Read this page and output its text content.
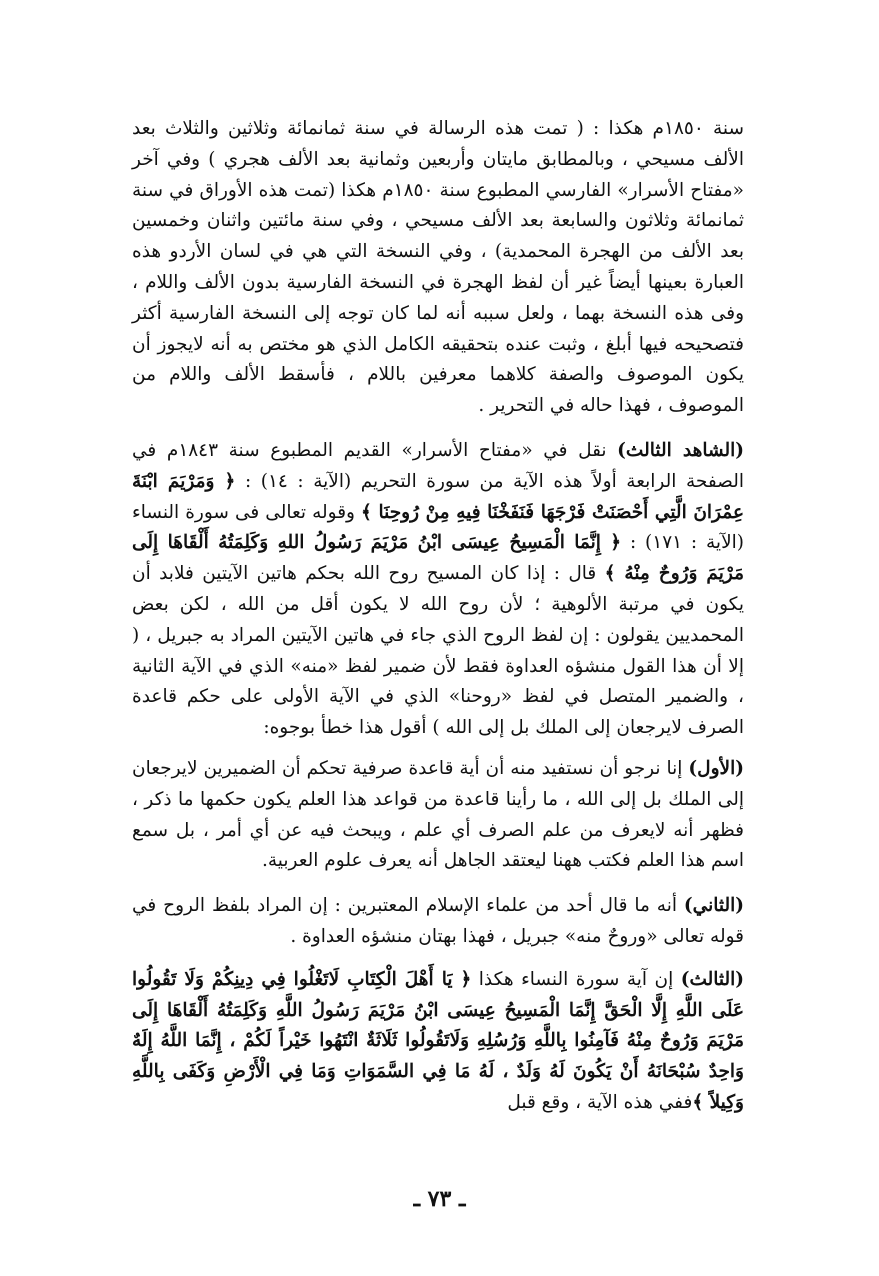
سنة ١٨٥٠م هكذا : ( تمت هذه الرسالة في سنة ثمانمائة وثلاثين والثلاث بعد الألف مسيحي ، وبالمطابق مايتان وأربعين وثمانية بعد الألف هجري ) وفي آخر «مفتاح الأسرار» الفارسي المطبوع سنة ١٨٥٠م هكذا (تمت هذه الأوراق في سنة ثمانمائة وثلاثون والسابعة بعد الألف مسيحي ، وفي سنة مائتين واثنان وخمسين بعد الألف من الهجرة المحمدية) ، وفي النسخة التي هي في لسان الأردو هذه العبارة بعينها أيضاً غير أن لفظ الهجرة في النسخة الفارسية بدون الألف واللام ، وفى هذه النسخة بهما ، ولعل سببه أنه لما كان توجه إلى النسخة الفارسية أكثر فتصحيحه فيها أبلغ ، وثبت عنده بتحقيقه الكامل الذي هو مختص به أنه لايجوز أن يكون الموصوف والصفة كلاهما معرفين باللام ، فأسقط الألف واللام من الموصوف ، فهذا حاله في التحرير .

(الشاهد الثالث) نقل في «مفتاح الأسرار» القديم المطبوع سنة ١٨٤٣م في الصفحة الرابعة أولاً هذه الآية من سورة التحريم (الآية : ١٤) : ﴿ وَمَرْيَمَ ابْنَةَ عِمْرَانَ الَّتِي أَحْصَنَتْ فَرْجَهَا فَنَفَخْنَا فِيهِ مِنْ رُوحِنَا ﴾ وقوله تعالى فى سورة النساء (الآية : ١٧١) : ﴿ إِنَّمَا الْمَسِيحُ عِيسَى ابْنُ مَرْيَمَ رَسُولُ اللهِ وَكَلِمَتُهُ أَلْقَاهَا إِلَى مَرْيَمَ وَرُوحٌ مِنْهُ ﴾ قال : إذا كان المسيح روح الله بحكم هاتين الآيتين فلابد أن يكون في مرتبة الألوهية ؛ لأن روح الله لا يكون أقل من الله ، لكن بعض المحمديين يقولون : إن لفظ الروح الذي جاء في هاتين الآيتين المراد به جبريل ، ( إلا أن هذا القول منشؤه العداوة فقط لأن ضمير لفظ «منه» الذي في الآية الثانية ، والضمير المتصل في لفظ «روحنا» الذي في الآية الأولى على حكم قاعدة الصرف لايرجعان إلى الملك بل إلى الله ) أقول هذا خطأ بوجوه:

(الأول) إنا نرجو أن نستفيد منه أن أية قاعدة صرفية تحكم أن الضميرين لايرجعان إلى الملك بل إلى الله ، ما رأينا قاعدة من قواعد هذا العلم يكون حكمها ما ذكر ، فظهر أنه لايعرف من علم الصرف أي علم ، ويبحث فيه عن أي أمر ، بل سمع اسم هذا العلم فكتب ههنا ليعتقد الجاهل أنه يعرف علوم العربية.

(الثاني) أنه ما قال أحد من علماء الإسلام المعتبرين : إن المراد بلفظ الروح في قوله تعالى «وروحٌ منه» جبريل ، فهذا بهتان منشؤه العداوة .

(الثالث) إن آية سورة النساء هكذا ﴿ يَا أَهْلَ الْكِتَابِ لَاتَغْلُوا فِي دِينِكُمْ وَلَا تَقُولُوا عَلَى اللَّهِ إِلَّا الْحَقَّ إِنَّمَا الْمَسِيحُ عِيسَى ابْنُ مَرْيَمَ رَسُولُ اللَّهِ وَكَلِمَتُهُ أَلْقَاهَا إِلَى مَرْيَمَ وَرُوحٌ مِنْهُ فَآمِنُوا بِاللَّهِ وَرُسُلِهِ وَلَاتَقُولُوا ثَلَاثَةٌ انْتَهُوا خَيْراً لَكُمْ ، إِنَّمَا اللَّهُ إِلَهٌ وَاحِدٌ سُبْحَانَهُ أَنْ يَكُونَ لَهُ وَلَدٌ ، لَهُ مَا فِي السَّمَوَاتِ وَمَا فِي الْأَرْضِ وَكَفَى بِاللَّهِ وَكِيلاً ﴾ففي هذه الآية ، وقع قبل

ـ ٧٣ ـ
